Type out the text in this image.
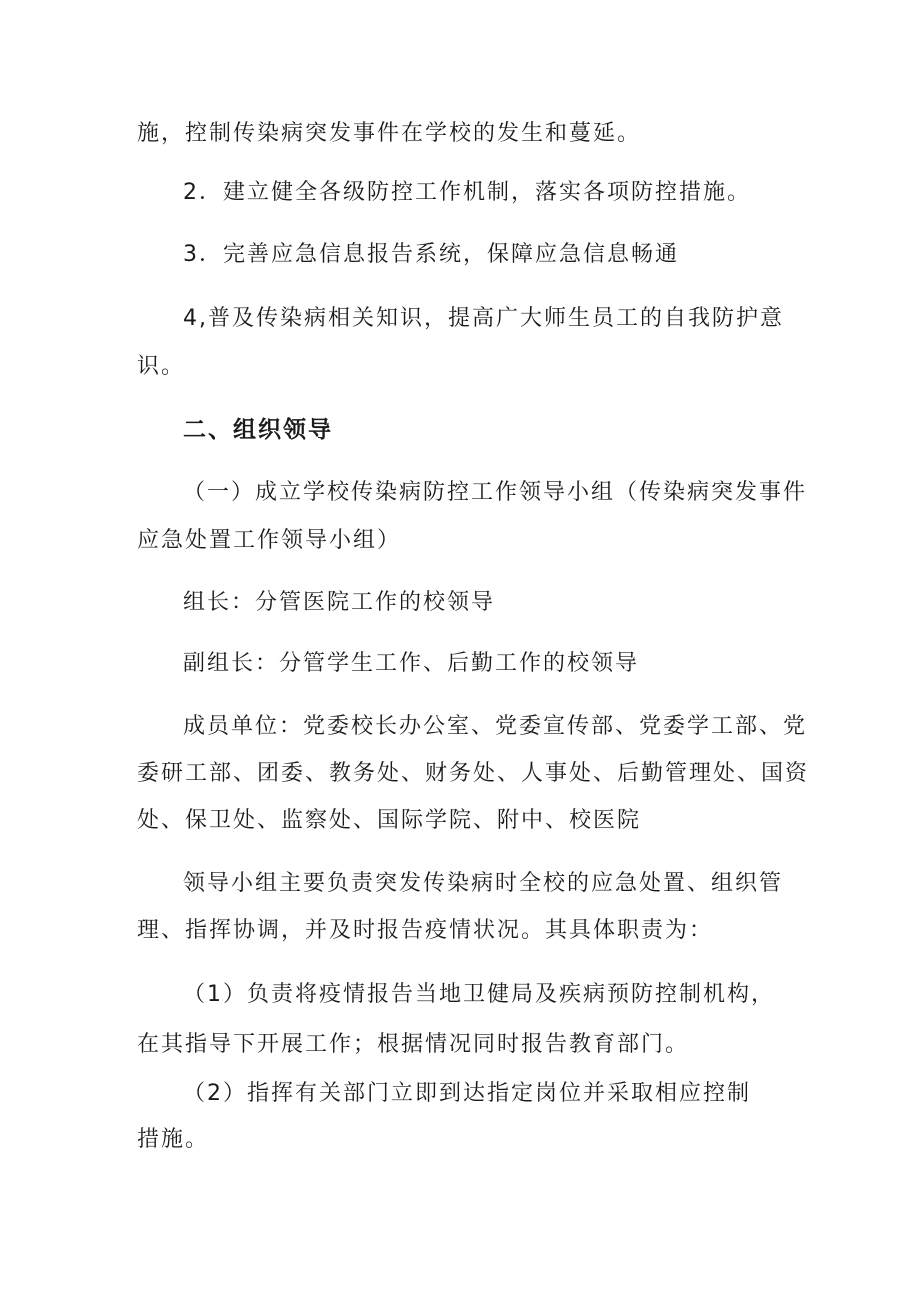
施，控制传染病突发事件在学校的发生和蔓延。
2．建立健全各级防控工作机制，落实各项防控措施。
3．完善应急信息报告系统，保障应急信息畅通
4,普及传染病相关知识，提高广大师生员工的自我防护意
识。
二、组织领导
（一）成立学校传染病防控工作领导小组（传染病突发事件
应急处置工作领导小组）
组长：分管医院工作的校领导
副组长：分管学生工作、后勤工作的校领导
成员单位：党委校长办公室、党委宣传部、党委学工部、党
委研工部、团委、教务处、财务处、人事处、后勤管理处、国资
处、保卫处、监察处、国际学院、附中、校医院
领导小组主要负责突发传染病时全校的应急处置、组织管
理、指挥协调，并及时报告疫情状况。其具体职责为：
（1）负责将疫情报告当地卫健局及疾病预防控制机构，
在其指导下开展工作；根据情况同时报告教育部门。
（2）指挥有关部门立即到达指定岗位并采取相应控制
措施。
